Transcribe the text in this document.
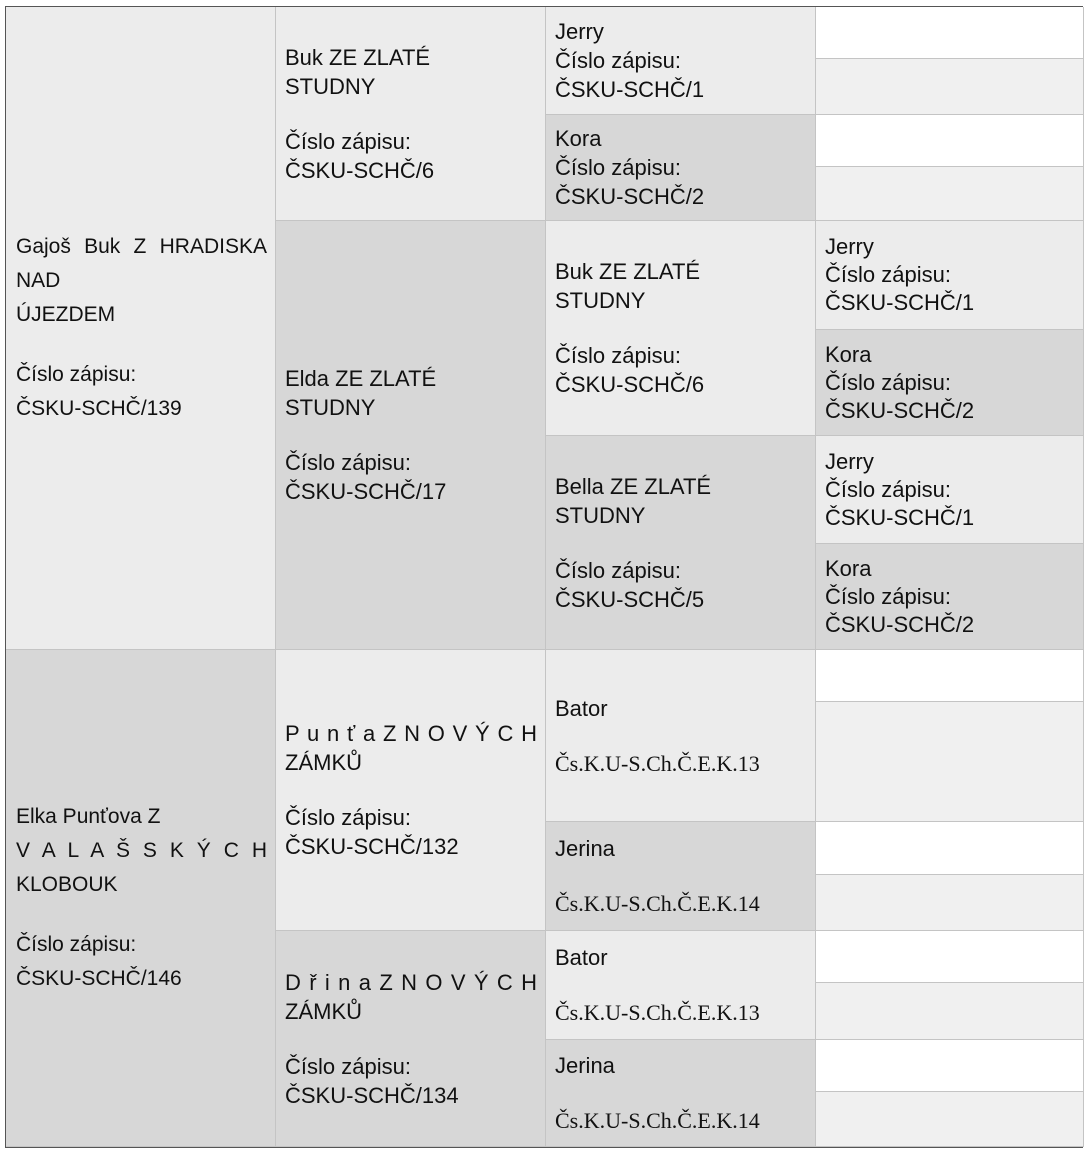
Gajoš Buk Z HRADISKA
NAD
ÚJEZDEM
Číslo zápisu:
ČSKU-SCHČ/139
Elka Punťova Z
V A L A Š S K Ý C H
KLOBOUK
Číslo zápisu:
ČSKU-SCHČ/146
Buk ZE ZLATÉ
STUDNY
Číslo zápisu:
ČSKU-SCHČ/6
Elda ZE ZLATÉ
STUDNY
Číslo zápisu:
ČSKU-SCHČ/17
P u n ť a Z N O V Ý C H
ZÁMKŮ
Číslo zápisu:
ČSKU-SCHČ/132
D ř i n a Z N O V Ý C H
ZÁMKŮ
Číslo zápisu:
ČSKU-SCHČ/134
Jerry
Číslo zápisu:
ČSKU-SCHČ/1
Kora
Číslo zápisu:
ČSKU-SCHČ/2
Buk ZE ZLATÉ
STUDNY
Číslo zápisu:
ČSKU-SCHČ/6
Bella ZE ZLATÉ
STUDNY
Číslo zápisu:
ČSKU-SCHČ/5
Bator
Čs.K.U-S.Ch.Č.E.K.13
Jerina
Čs.K.U-S.Ch.Č.E.K.14
Bator
Čs.K.U-S.Ch.Č.E.K.13
Jerina
Čs.K.U-S.Ch.Č.E.K.14
Jerry
Číslo zápisu:
ČSKU-SCHČ/1
Kora
Číslo zápisu:
ČSKU-SCHČ/2
Jerry
Číslo zápisu:
ČSKU-SCHČ/1
Kora
Číslo zápisu:
ČSKU-SCHČ/2
